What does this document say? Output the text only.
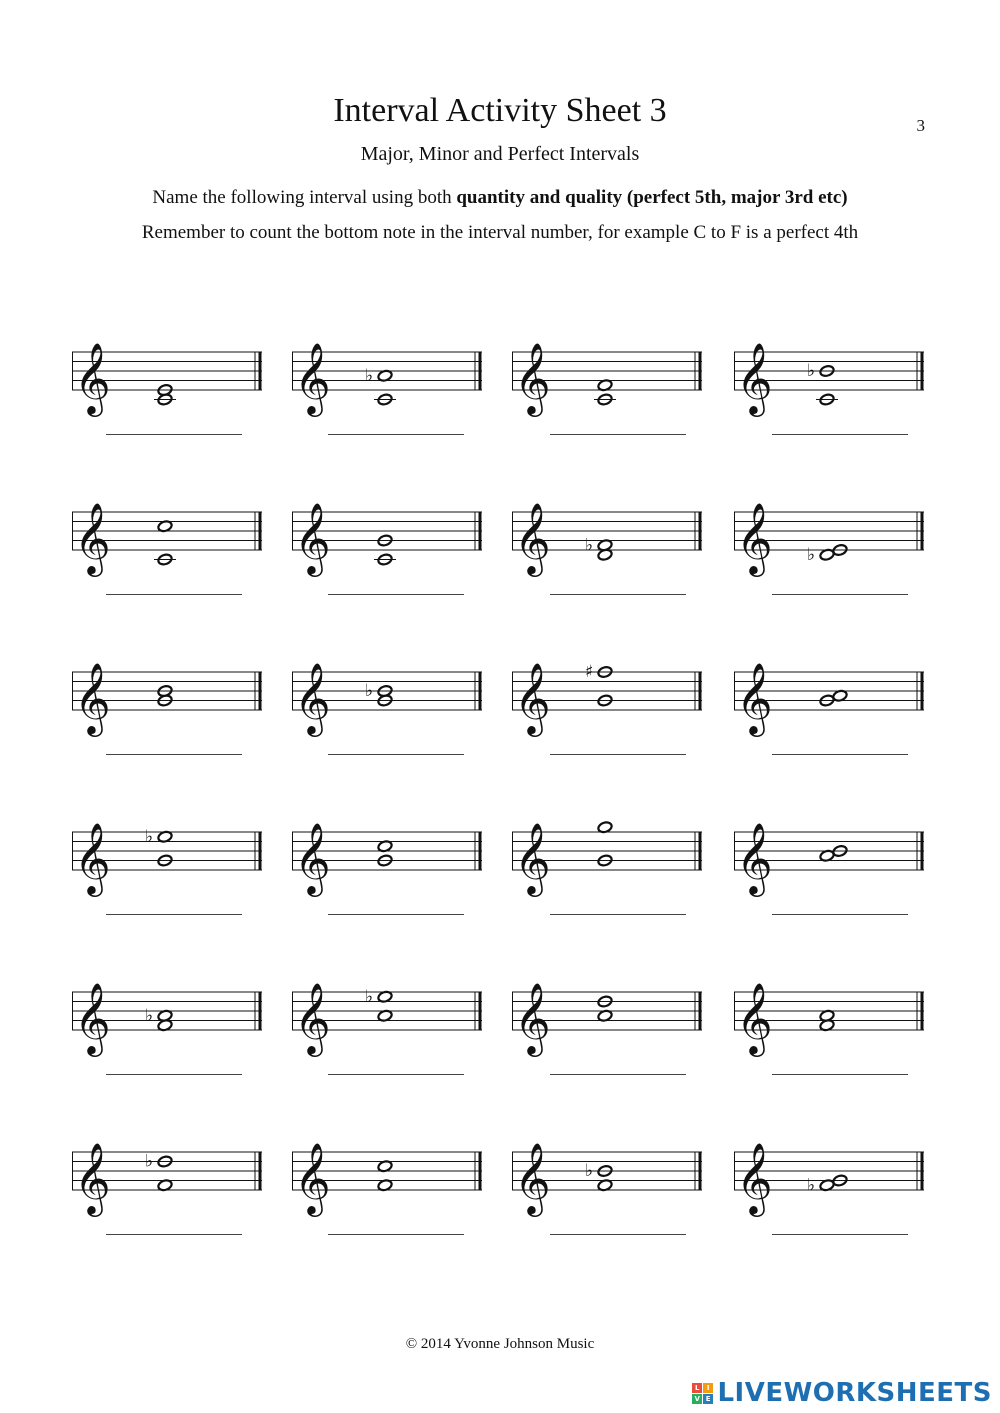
3
Interval Activity Sheet 3
Major, Minor and Perfect Intervals
Name the following interval using both quantity and quality (perfect 5th, major 3rd etc)
Remember to count the bottom note in the interval number, for example C to F is a perfect 4th
𝄞	𝄞 ♭ 𝄞	𝄞 ♭
𝄞	𝄞	𝄞 ♭ 𝄞 ♭
𝄞	𝄞 ♭ 𝄞 ♯ 𝄞
𝄞 ♭ 𝄞	𝄞	𝄞
𝄞 ♭ 𝄞 ♭ 𝄞	𝄞
𝄞 ♭ 𝄞	𝄞 ♭ 𝄞 ♭
© 2014 Yvonne Johnson Music
L I
V E LIVEWORKSHEETS
